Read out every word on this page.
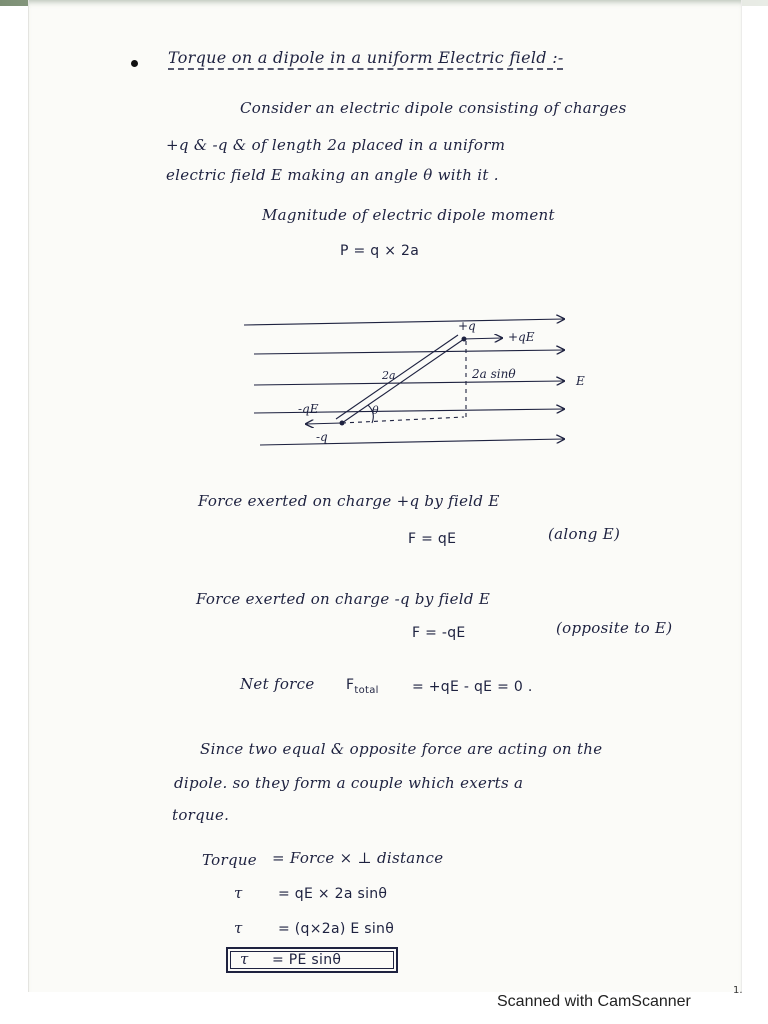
Torque on a dipole in a uniform Electric field :-
Consider an electric dipole consisting of charges
+q & -q & of length 2a placed in a uniform
electric field E making an angle θ with it .
Magnitude of electric dipole moment
P = q × 2a
+q
+qE
2a	2a sinθ	E
-qE
-q
θ
Force exerted on charge +q by field E
F = qE	(along E)
Force exerted on charge -q by field E
F = -qE	(opposite to E)
Net force $F_{total} = +qE$ - qE = 0 .
Since two equal & opposite force are acting on the
dipole. so they form a couple which exerts a
torque.
Torque = Force × ⊥ distance
τ	= qE × 2a sinθ
τ	= (q×2a) E sinθ
τ = PE sinθ
Scanned with CamScanner
1.
